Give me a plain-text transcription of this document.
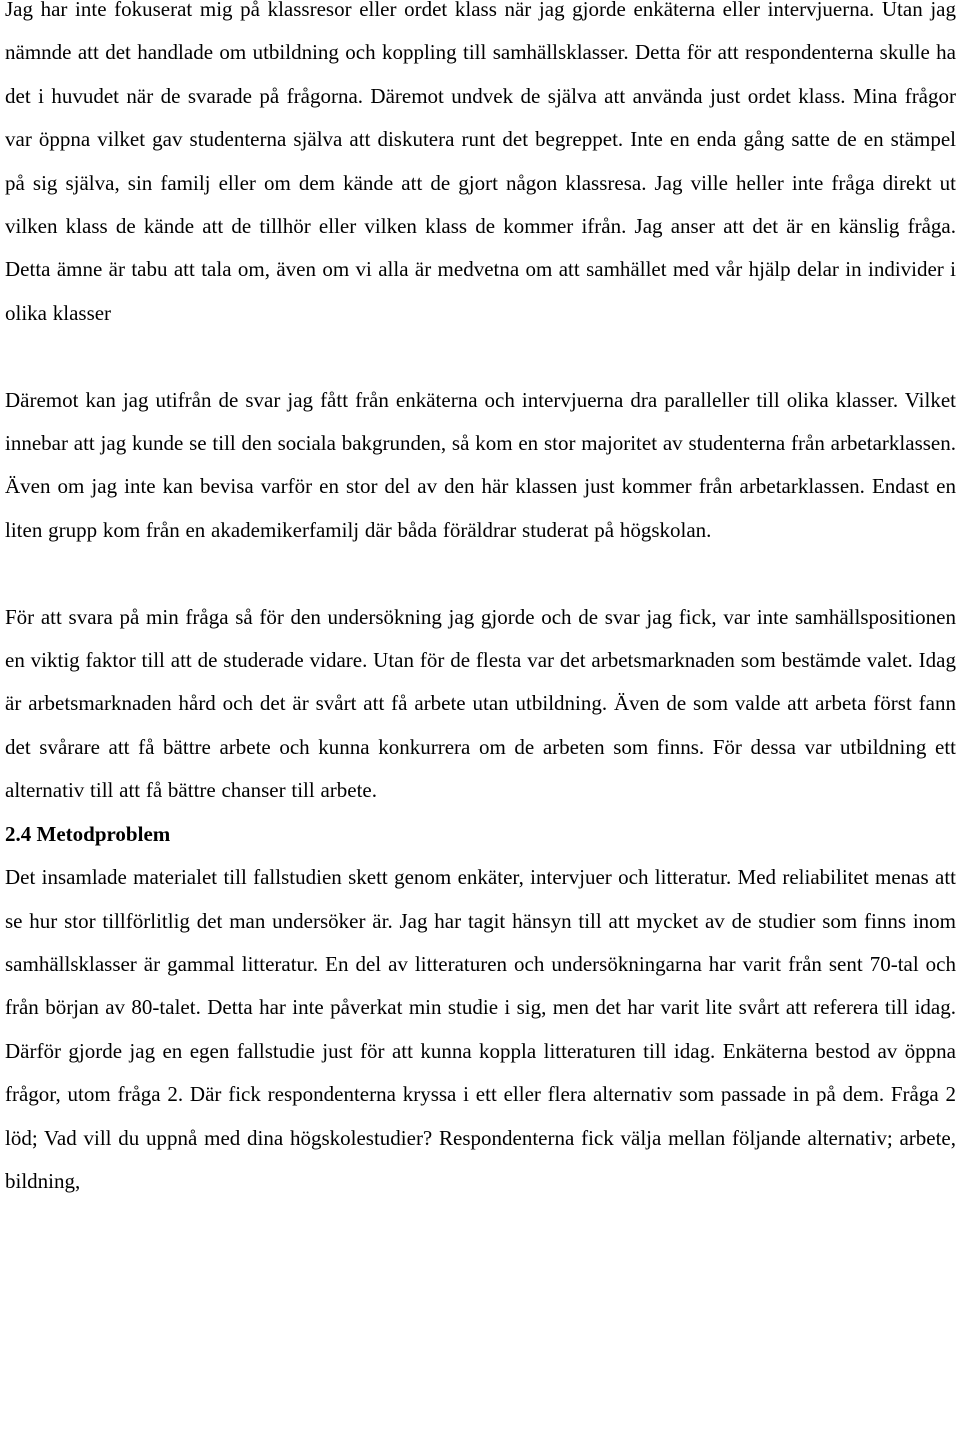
Jag har inte fokuserat mig på klassresor eller ordet klass när jag gjorde enkäterna eller intervjuerna. Utan jag nämnde att det handlade om utbildning och koppling till samhällsklasser. Detta för att respondenterna skulle ha det i huvudet när de svarade på frågorna. Däremot undvek de själva att använda just ordet klass. Mina frågor var öppna vilket gav studenterna själva att diskutera runt det begreppet. Inte en enda gång satte de en stämpel på sig själva, sin familj eller om dem kände att de gjort någon klassresa. Jag ville heller inte fråga direkt ut vilken klass de kände att de tillhör eller vilken klass de kommer ifrån. Jag anser att det är en känslig fråga. Detta ämne är tabu att tala om, även om vi alla är medvetna om att samhället med vår hjälp delar in individer i olika klasser

Däremot kan jag utifrån de svar jag fått från enkäterna och intervjuerna dra paralleller till olika klasser. Vilket innebar att jag kunde se till den sociala bakgrunden, så kom en stor majoritet av studenterna från arbetarklassen. Även om jag inte kan bevisa varför en stor del av den här klassen just kommer från arbetarklassen. Endast en liten grupp kom från en akademikerfamilj där båda föräldrar studerat på högskolan.

För att svara på min fråga så för den undersökning jag gjorde och de svar jag fick, var inte samhällspositionen en viktig faktor till att de studerade vidare. Utan för de flesta var det arbetsmarknaden som bestämde valet. Idag är arbetsmarknaden hård och det är svårt att få arbete utan utbildning. Även de som valde att arbeta först fann det svårare att få bättre arbete och kunna konkurrera om de arbeten som finns. För dessa var utbildning ett alternativ till att få bättre chanser till arbete.

2.4 Metodproblem

Det insamlade materialet till fallstudien skett genom enkäter, intervjuer och litteratur. Med reliabilitet menas att se hur stor tillförlitlig det man undersöker är. Jag har tagit hänsyn till att mycket av de studier som finns inom samhällsklasser är gammal litteratur. En del av litteraturen och undersökningarna har varit från sent 70-tal och från början av 80-talet. Detta har inte påverkat min studie i sig, men det har varit lite svårt att referera till idag. Därför gjorde jag en egen fallstudie just för att kunna koppla litteraturen till idag. Enkäterna bestod av öppna frågor, utom fråga 2. Där fick respondenterna kryssa i ett eller flera alternativ som passade in på dem. Fråga 2 löd; Vad vill du uppnå med dina högskolestudier? Respondenterna fick välja mellan följande alternativ; arbete, bildning,
